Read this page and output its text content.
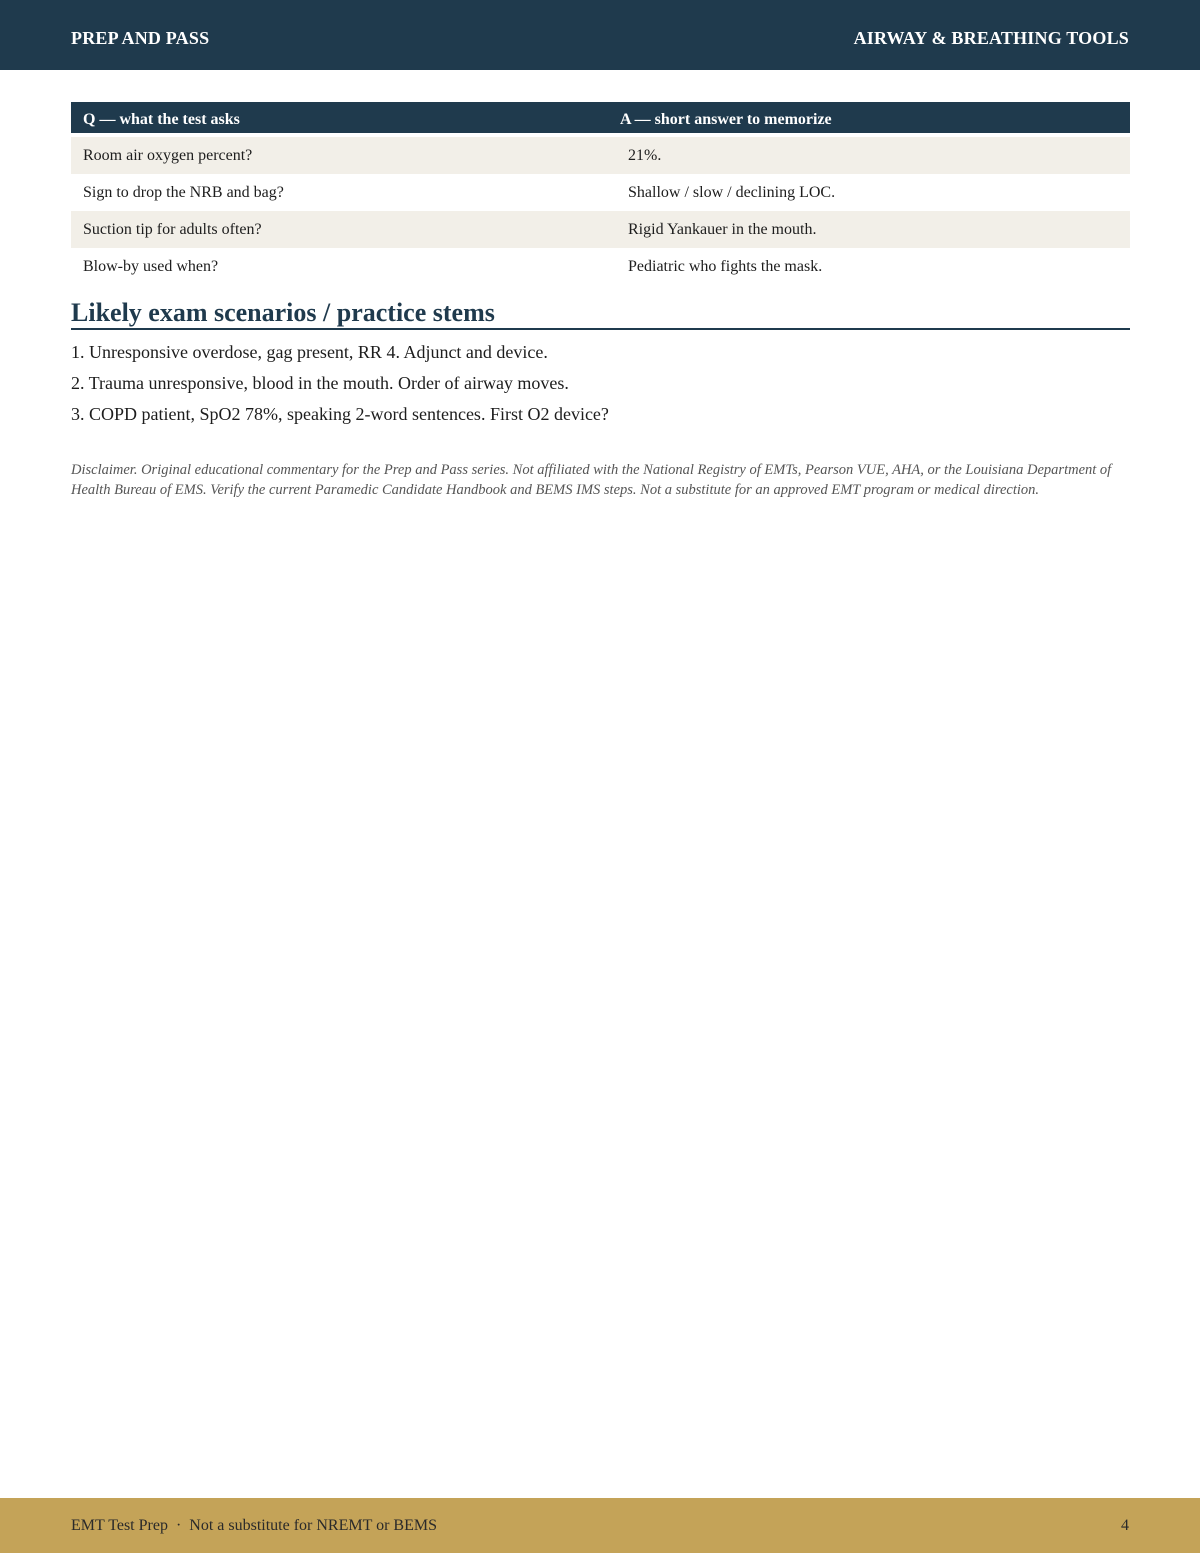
PREP AND PASS	AIRWAY & BREATHING TOOLS
Q — what the test asks	A — short answer to memorize
Room air oxygen percent?	21%.
Sign to drop the NRB and bag?	Shallow / slow / declining LOC.
Suction tip for adults often?	Rigid Yankauer in the mouth.
Blow-by used when?	Pediatric who fights the mask.
Likely exam scenarios / practice stems
1. Unresponsive overdose, gag present, RR 4. Adjunct and device.
2. Trauma unresponsive, blood in the mouth. Order of airway moves.
3. COPD patient, SpO2 78%, speaking 2-word sentences. First O2 device?

Disclaimer. Original educational commentary for the Prep and Pass series. Not affiliated with the National Registry of EMTs, Pearson VUE, AHA, or the Louisiana Department of Health Bureau of EMS. Verify the current Paramedic Candidate Handbook and BEMS IMS steps. Not a substitute for an approved EMT program or medical direction.

EMT Test Prep · Not a substitute for NREMT or BEMS	4
